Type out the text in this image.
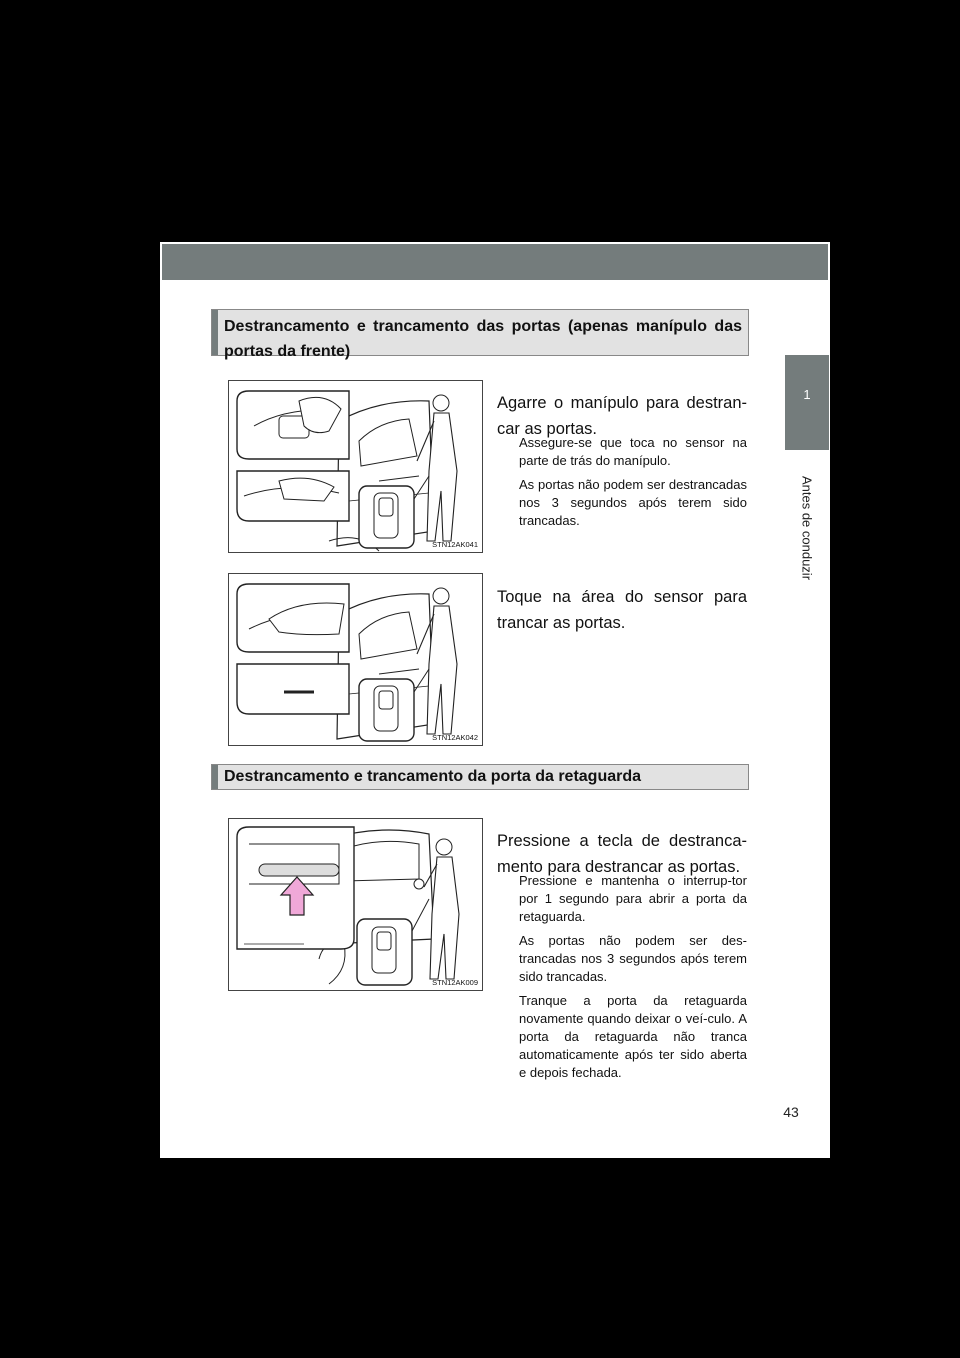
1
Antes de conduzir
43
Destrancamento e trancamento das portas (apenas manípulo das portas da frente)
STN12AK041
Agarre o manípulo para destran-car as portas.
Assegure-se que toca no sensor na parte de trás do manípulo.
As portas não podem ser destrancadas nos 3 segundos após terem sido trancadas.
STN12AK042
Toque na área do sensor para trancar as portas.
Destrancamento e trancamento da porta da retaguarda
STN12AK009
Pressione a tecla de destranca-mento para destrancar as portas.
Pressione e mantenha o interrup-tor por 1 segundo para abrir a porta da retaguarda.
As portas não podem ser des-trancadas nos 3 segundos após terem sido trancadas.
Tranque a porta da retaguarda novamente quando deixar o veí-culo. A porta da retaguarda não tranca automaticamente após ter sido aberta e depois fechada.
